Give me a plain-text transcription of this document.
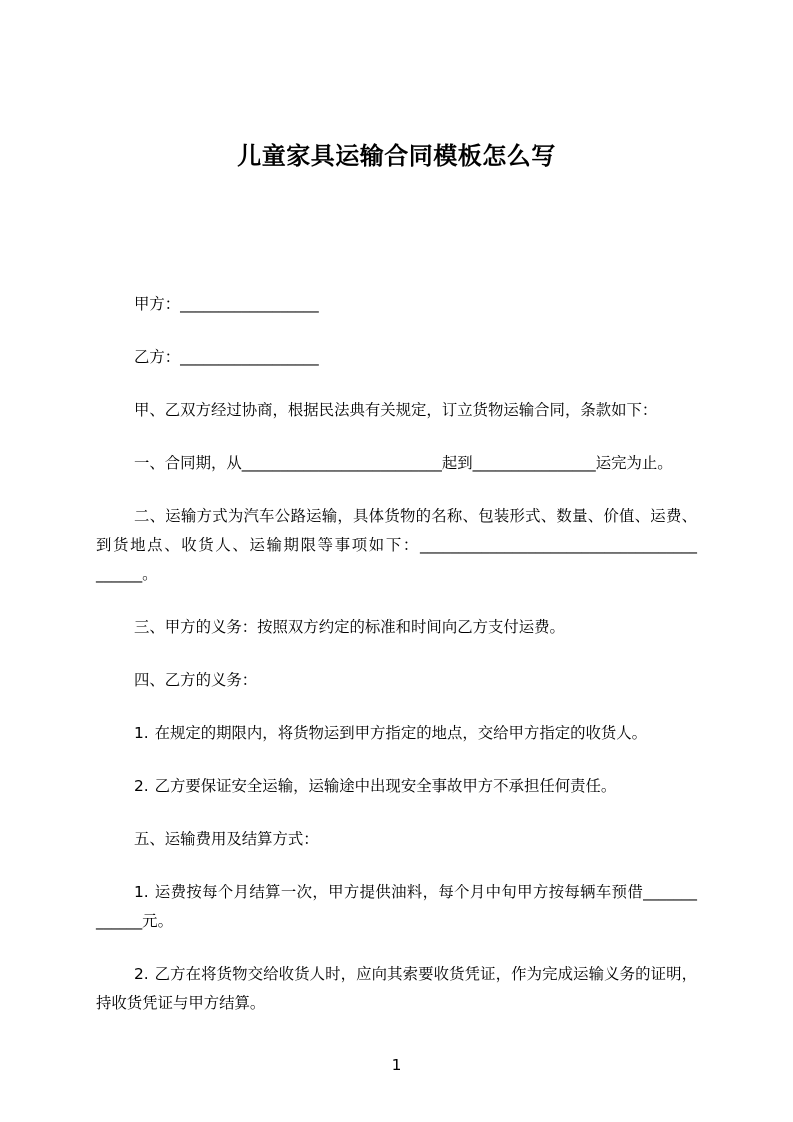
儿童家具运输合同模板怎么写

甲方：__________________

乙方：__________________

甲、乙双方经过协商，根据民法典有关规定，订立货物运输合同，条款如下：

一、合同期，从__________________________起到________________运完为止。

二、运输方式为汽车公路运输，具体货物的名称、包装形式、数量、价值、运费、到货地点、收货人、运输期限等事项如下：____________________________________ ______。

三、甲方的义务：按照双方约定的标准和时间向乙方支付运费。

四、乙方的义务：

1. 在规定的期限内，将货物运到甲方指定的地点，交给甲方指定的收货人。

2. 乙方要保证安全运输，运输途中出现安全事故甲方不承担任何责任。

五、运输费用及结算方式：

1. 运费按每个月结算一次，甲方提供油料，每个月中旬甲方按每辆车预借_______ ______元。

2. 乙方在将货物交给收货人时，应向其索要收货凭证，作为完成运输义务的证明，持收货凭证与甲方结算。

1
